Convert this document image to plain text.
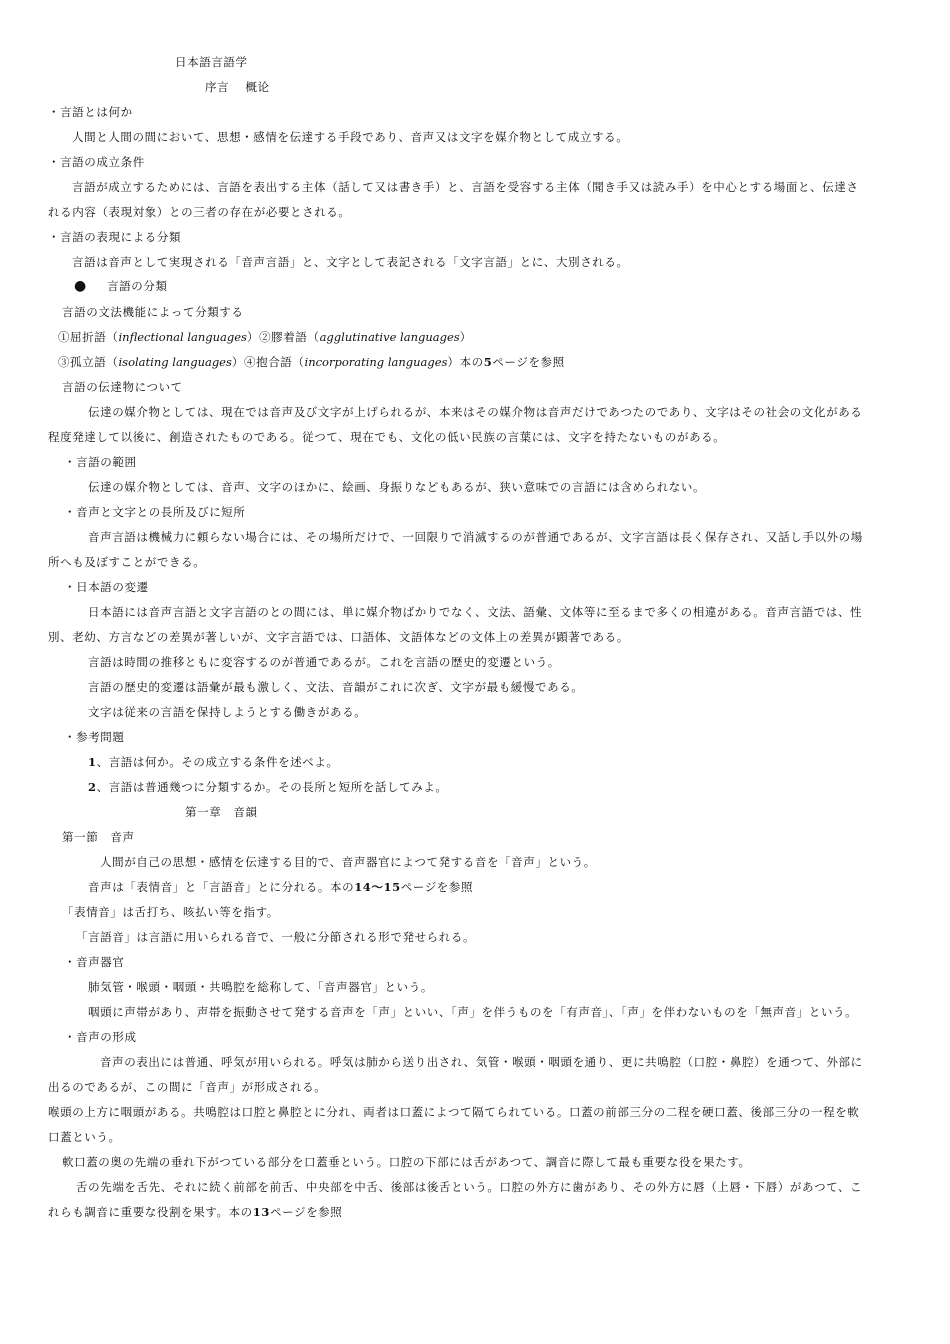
日本語言語学
序言　 概论
・言語とは何か
人間と人間の間において、思想・感情を伝達する手段であり、音声又は文字を媒介物として成立する。
・言語の成立条件
言語が成立するためには、言語を表出する主体（話して又は書き手）と、言語を受容する主体（聞き手又は読み手）を中心とする場面と、伝達さ
れる内容（表現対象）との三者の存在が必要とされる。
・言語の表現による分類
言語は音声として実現される「音声言語」と、文字として表記される「文字言語」とに、大別される。
● 言語の分類
言語の文法機能によって分類する
①屈折語（inflectional languages）②膠着語（agglutinative languages）
③孤立語（isolating languages）④抱合語（incorporating languages）本の5ページを参照
言語の伝達物について
伝達の媒介物としては、現在では音声及び文字が上げられるが、本来はその媒介物は音声だけであつたのであり、文字はその社会の文化がある
程度発達して以後に、創造されたものである。従つて、現在でも、文化の低い民族の言葉には、文字を持たないものがある。
・言語の範囲
伝達の媒介物としては、音声、文字のほかに、絵画、身振りなどもあるが、狭い意味での言語には含められない。
・音声と文字との長所及びに短所
音声言語は機械力に頼らない場合には、その場所だけで、一回限りで消滅するのが普通であるが、文字言語は長く保存され、又話し手以外の場
所へも及ぼすことができる。
・日本語の変遷
日本語には音声言語と文字言語のとの間には、単に媒介物ばかりでなく、文法、語彙、文体等に至るまで多くの相違がある。音声言語では、性
別、老幼、方言などの差異が著しいが、文字言語では、口語体、文語体などの文体上の差異が顕著である。
言語は時間の推移ともに変容するのが普通であるが。これを言語の歴史的変遷という。
言語の歴史的変遷は語彙が最も激しく、文法、音韻がこれに次ぎ、文字が最も緩慢である。
文字は従来の言語を保持しようとする働きがある。
・参考問題
1、言語は何か。その成立する条件を述べよ。
2、言語は普通幾つに分類するか。その長所と短所を話してみよ。
第一章　音韻
第一節　音声
人間が自己の思想・感情を伝達する目的で、音声器官によつて発する音を「音声」という。
音声は「表情音」と「言語音」とに分れる。本の14～15ページを参照
「表情音」は舌打ち、咳払い等を指す。
「言語音」は言語に用いられる音で、一般に分節される形で発せられる。
・音声器官
肺気管・喉頭・咽頭・共鳴腔を総称して、「音声器官」という。
咽頭に声帯があり、声帯を振動させて発する音声を「声」といい、「声」を伴うものを「有声音」、「声」を伴わないものを「無声音」という。
・音声の形成
音声の表出には普通、呼気が用いられる。呼気は肺から送り出され、気管・喉頭・咽頭を通り、更に共鳴腔（口腔・鼻腔）を通つて、外部に
出るのであるが、この間に「音声」が形成される。
喉頭の上方に咽頭がある。共鳴腔は口腔と鼻腔とに分れ、両者は口蓋によつて隔てられている。口蓋の前部三分の二程を硬口蓋、後部三分の一程を軟
口蓋という。
軟口蓋の奥の先端の垂れ下がつている部分を口蓋垂という。口腔の下部には舌があつて、調音に際して最も重要な役を果たす。
舌の先端を舌先、それに続く前部を前舌、中央部を中舌、後部は後舌という。口腔の外方に歯があり、その外方に唇（上唇・下唇）があつて、こ
れらも調音に重要な役割を果す。本の13ページを参照
